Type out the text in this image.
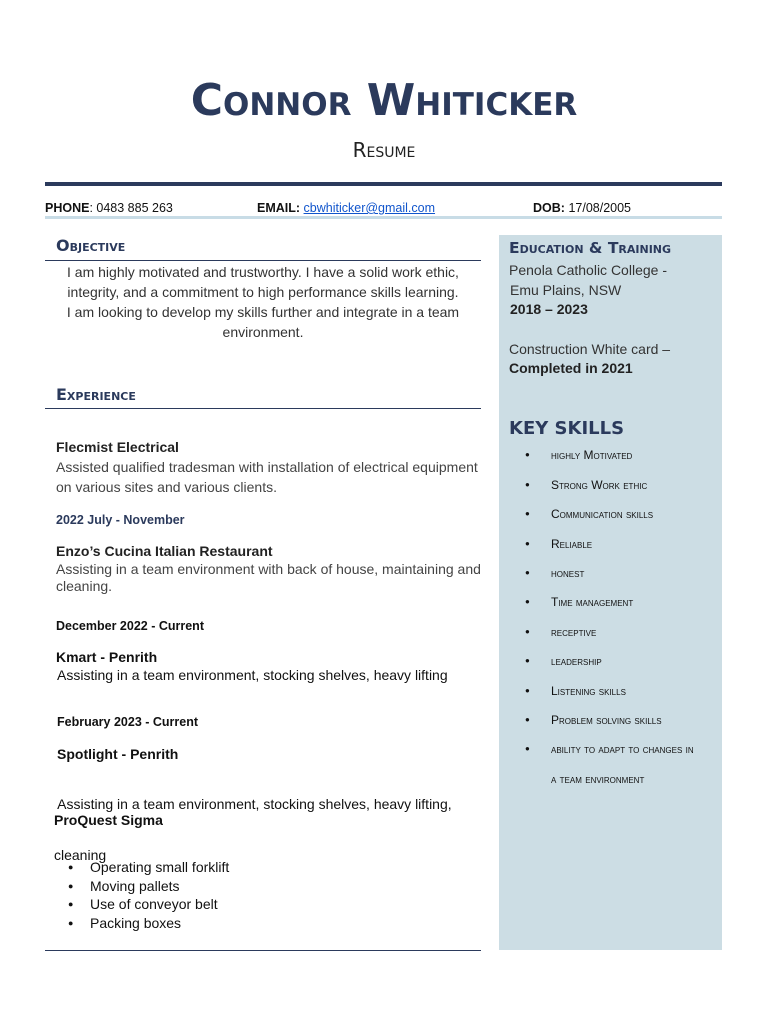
Connor Whiticker
Resume
PHONE: 0483 885 263	EMAIL: cbwhiticker@gmail.com	DOB: 17/08/2005
Objective
I am highly motivated and trustworthy. I have a solid work ethic,
integrity, and a commitment to high performance skills learning.
I am looking to develop my skills further and integrate in a team
environment.
Experience
Flecmist Electrical
Assisted qualified tradesman with installation of electrical equipment
on various sites and various clients.
2022 July - November
Enzo’s Cucina Italian Restaurant
Assisting in a team environment with back of house, maintaining and
cleaning.
December 2022 - Current
Kmart - Penrith
Assisting in a team environment, stocking shelves, heavy lifting
February 2023 - Current
Spotlight - Penrith

Assisting in a team environment, stocking shelves, heavy lifting,

cleaning

ProQuest Sigma
● Operating small forklift
● Moving pallets
● Use of conveyor belt
● Packing boxes
Education & Training
Penola Catholic College -
Emu Plains, NSW
2018 – 2023
Construction White card –
Completed in 2021
KEY SKILLS
● highly Motivated
● Strong Work ethic
● Communication skills
● Reliable
● honest
● Time management
● receptive
● leadership
● Listening skills
● Problem solving skills
● ability to adapt to changes in
a team environment
